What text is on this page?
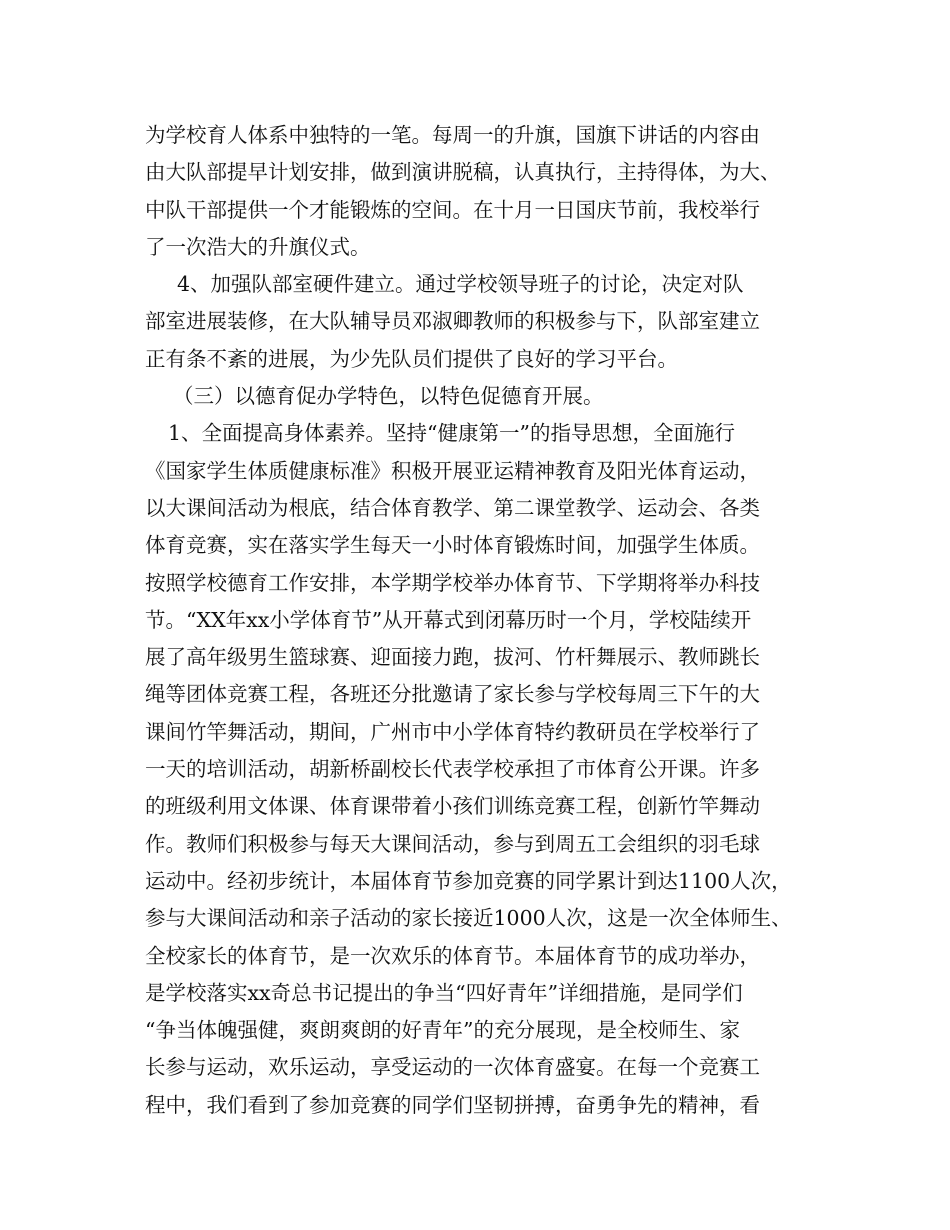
为学校育人体系中独特的一笔。每周一的升旗，国旗下讲话的内容由
由大队部提早计划安排，做到演讲脱稿，认真执行，主持得体，为大、
中队干部提供一个才能锻炼的空间。在十月一日国庆节前，我校举行
了一次浩大的升旗仪式。
4、加强队部室硬件建立。通过学校领导班子的讨论，决定对队
部室进展装修，在大队辅导员邓淑卿教师的积极参与下，队部室建立
正有条不紊的进展，为少先队员们提供了良好的学习平台。
（三）以德育促办学特色，以特色促德育开展。
1、全面提高身体素养。坚持“健康第一”的指导思想，全面施行
《国家学生体质健康标准》积极开展亚运精神教育及阳光体育运动，
以大课间活动为根底，结合体育教学、第二课堂教学、运动会、各类
体育竞赛，实在落实学生每天一小时体育锻炼时间，加强学生体质。
按照学校德育工作安排，本学期学校举办体育节、下学期将举办科技
节。“XX年xx小学体育节”从开幕式到闭幕历时一个月，学校陆续开
展了高年级男生篮球赛、迎面接力跑，拔河、竹杆舞展示、教师跳长
绳等团体竞赛工程，各班还分批邀请了家长参与学校每周三下午的大
课间竹竿舞活动，期间，广州市中小学体育特约教研员在学校举行了
一天的培训活动，胡新桥副校长代表学校承担了市体育公开课。许多
的班级利用文体课、体育课带着小孩们训练竞赛工程，创新竹竿舞动
作。教师们积极参与每天大课间活动，参与到周五工会组织的羽毛球
运动中。经初步统计，本届体育节参加竞赛的同学累计到达1100人次，
参与大课间活动和亲子活动的家长接近1000人次，这是一次全体师生、
全校家长的体育节，是一次欢乐的体育节。本届体育节的成功举办，
是学校落实xx奇总书记提出的争当“四好青年”详细措施，是同学们
“争当体魄强健，爽朗爽朗的好青年”的充分展现，是全校师生、家
长参与运动，欢乐运动，享受运动的一次体育盛宴。在每一个竞赛工
程中，我们看到了参加竞赛的同学们坚韧拼搏，奋勇争先的精神，看
